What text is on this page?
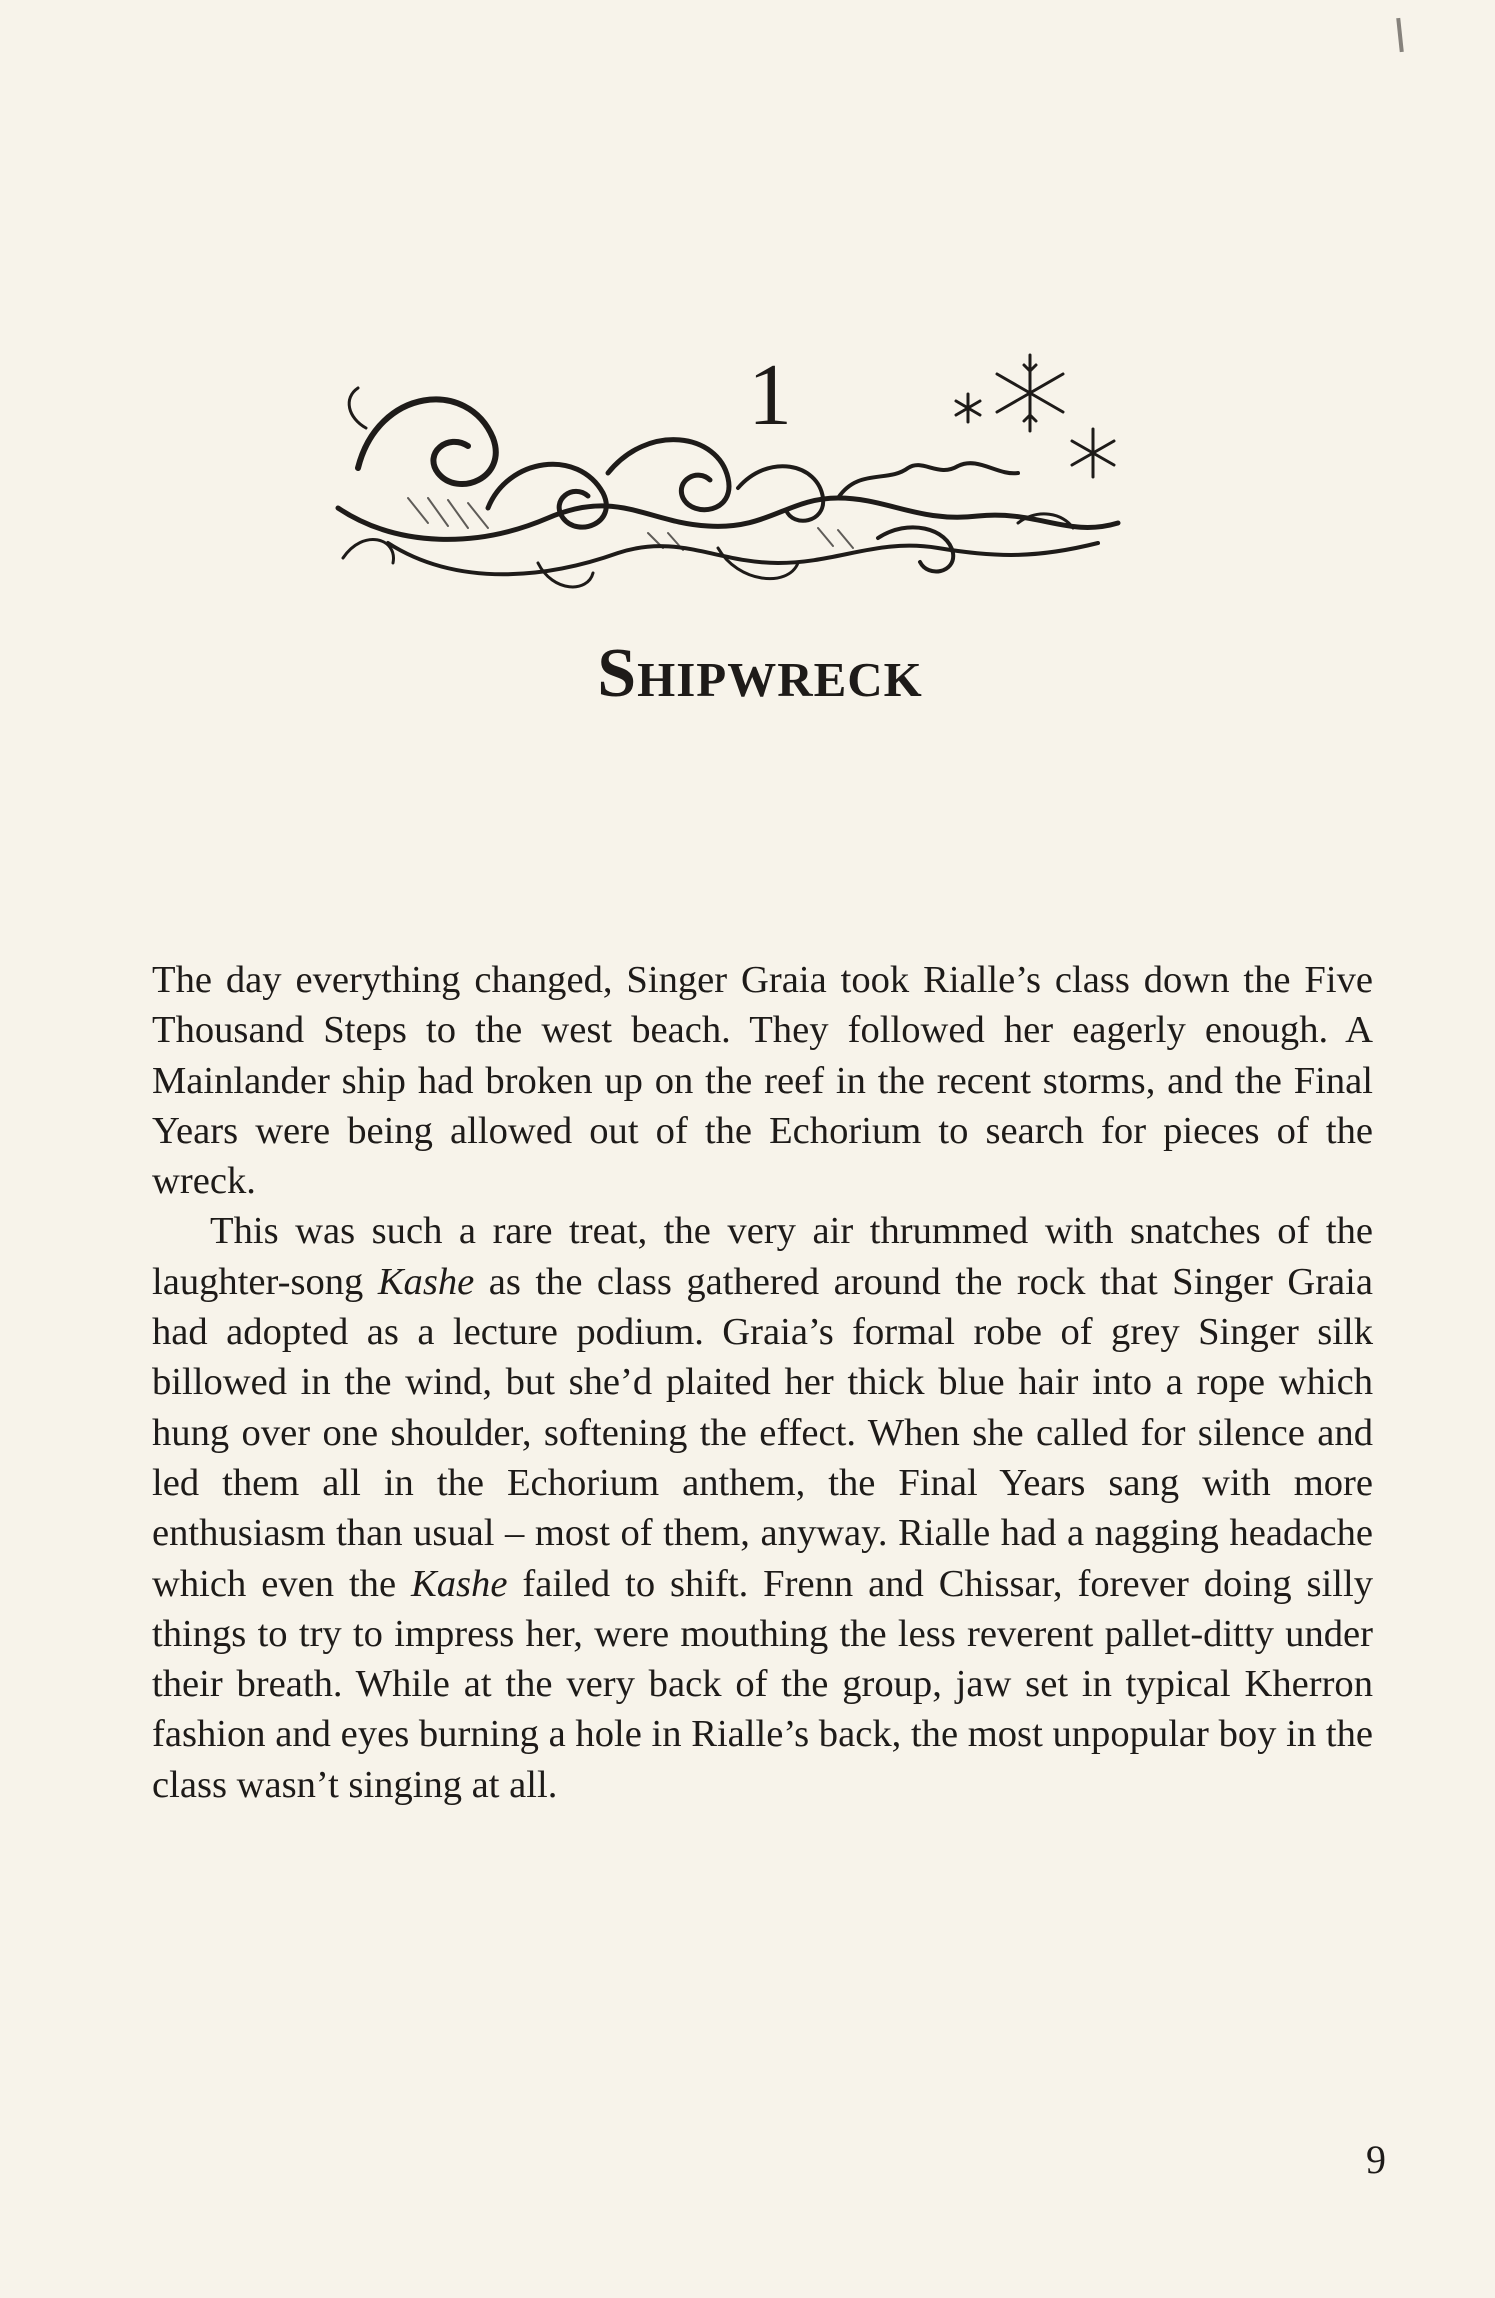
1
Shipwreck

The day everything changed, Singer Graia took Rialle’s class down the Five Thousand Steps to the west beach. They followed her eagerly enough. A Mainlander ship had broken up on the reef in the recent storms, and the Final Years were being allowed out of the Echorium to search for pieces of the wreck.

This was such a rare treat, the very air thrummed with snatches of the laughter-song Kashe as the class gathered around the rock that Singer Graia had adopted as a lecture podium. Graia’s formal robe of grey Singer silk billowed in the wind, but she’d plaited her thick blue hair into a rope which hung over one shoulder, softening the effect. When she called for silence and led them all in the Echorium anthem, the Final Years sang with more enthusiasm than usual – most of them, anyway. Rialle had a nagging headache which even the Kashe failed to shift. Frenn and Chissar, forever doing silly things to try to impress her, were mouthing the less reverent pallet-ditty under their breath. While at the very back of the group, jaw set in typical Kherron fashion and eyes burning a hole in Rialle’s back, the most unpopular boy in the class wasn’t singing at all.

9
